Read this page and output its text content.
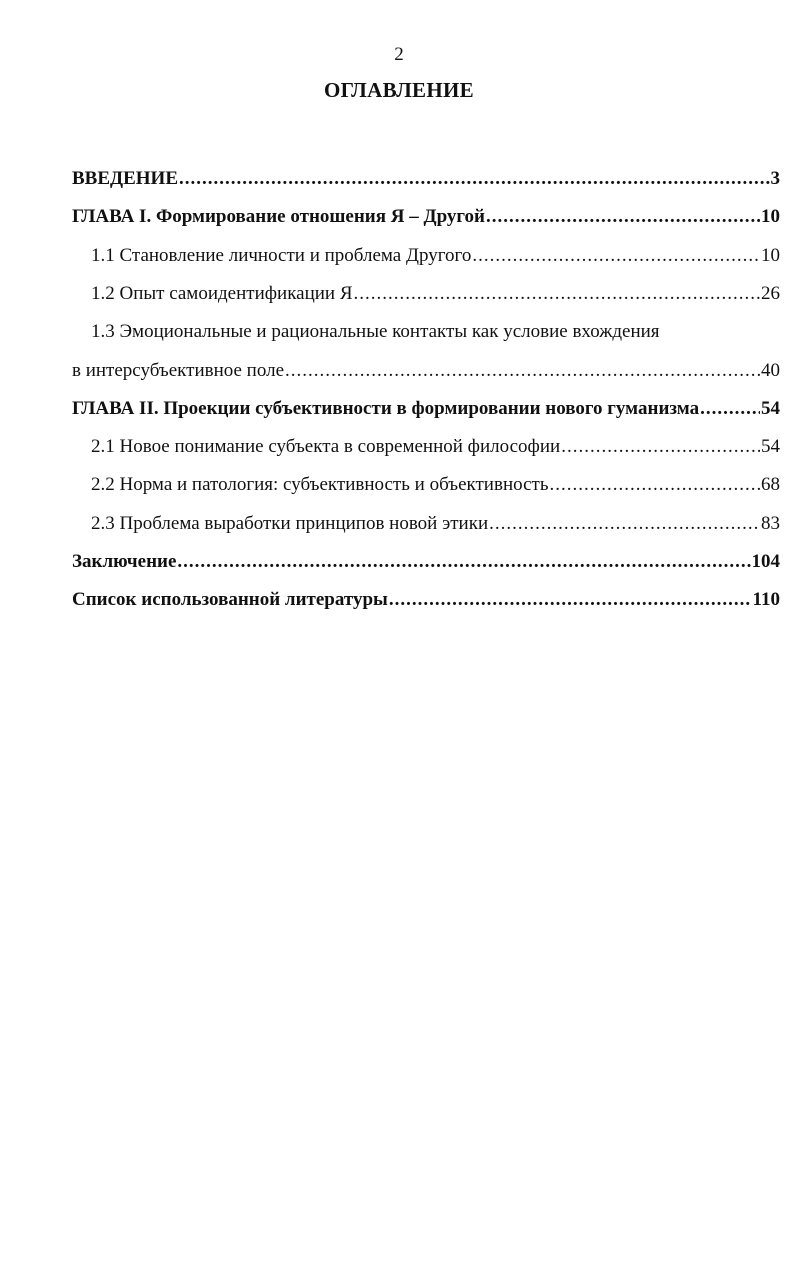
2
ОГЛАВЛЕНИЕ
ВВЕДЕНИЕ .....	3
ГЛАВА I. Формирование отношения Я – Другой .....	10
1.1 Становление личности и проблема Другого .....	10
1.2 Опыт самоидентификации Я .....	26
1.3 Эмоциональные и рациональные контакты как условие вхождения
в интерсубъективное поле .....	40
ГЛАВА II. Проекции субъективности в формировании нового гуманизма .....	54
2.1 Новое понимание субъекта в современной философии .....	54
2.2 Норма и патология: субъективность и объективность .....	68
2.3 Проблема выработки принципов новой этики .....	83
Заключение .....	104
Список использованной литературы .....	110
